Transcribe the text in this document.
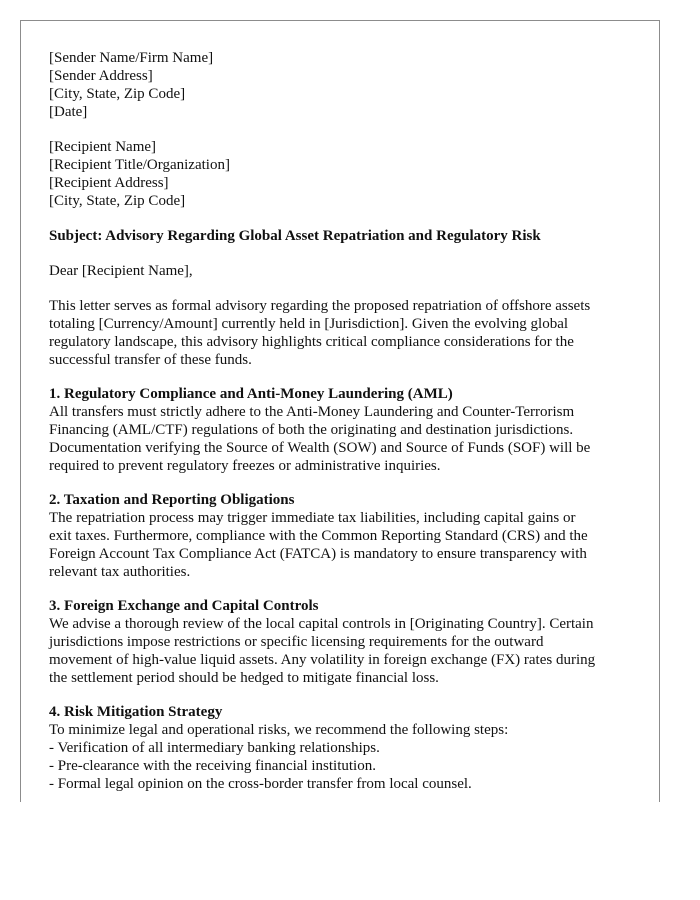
[Sender Name/Firm Name]
[Sender Address]
[City, State, Zip Code]
[Date]
[Recipient Name]
[Recipient Title/Organization]
[Recipient Address]
[City, State, Zip Code]
Subject: Advisory Regarding Global Asset Repatriation and Regulatory Risk
Dear [Recipient Name],
This letter serves as formal advisory regarding the proposed repatriation of offshore assets
totaling [Currency/Amount] currently held in [Jurisdiction]. Given the evolving global
regulatory landscape, this advisory highlights critical compliance considerations for the
successful transfer of these funds.
1. Regulatory Compliance and Anti-Money Laundering (AML)
All transfers must strictly adhere to the Anti-Money Laundering and Counter-Terrorism
Financing (AML/CTF) regulations of both the originating and destination jurisdictions.
Documentation verifying the Source of Wealth (SOW) and Source of Funds (SOF) will be
required to prevent regulatory freezes or administrative inquiries.
2. Taxation and Reporting Obligations
The repatriation process may trigger immediate tax liabilities, including capital gains or
exit taxes. Furthermore, compliance with the Common Reporting Standard (CRS) and the
Foreign Account Tax Compliance Act (FATCA) is mandatory to ensure transparency with
relevant tax authorities.
3. Foreign Exchange and Capital Controls
We advise a thorough review of the local capital controls in [Originating Country]. Certain
jurisdictions impose restrictions or specific licensing requirements for the outward
movement of high-value liquid assets. Any volatility in foreign exchange (FX) rates during
the settlement period should be hedged to mitigate financial loss.
4. Risk Mitigation Strategy
To minimize legal and operational risks, we recommend the following steps:
- Verification of all intermediary banking relationships.
- Pre-clearance with the receiving financial institution.
- Formal legal opinion on the cross-border transfer from local counsel.
